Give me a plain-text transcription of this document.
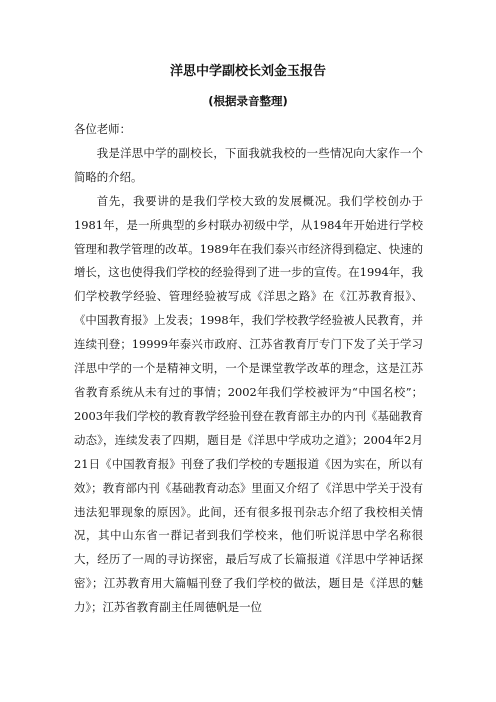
洋思中学副校长刘金玉报告
(根据录音整理)

各位老师：

我是洋思中学的副校长，下面我就我校的一些情况向大家作一个简略的介绍。

首先，我要讲的是我们学校大致的发展概况。我们学校创办于1981年，是一所典型的乡村联办初级中学，从1984年开始进行学校管理和教学管理的改革。1989年在我们泰兴市经济得到稳定、快速的增长，这也使得我们学校的经验得到了进一步的宣传。在1994年，我们学校教学经验、管理经验被写成《洋思之路》在《江苏教育报》、《中国教育报》上发表；1998年，我们学校教学经验被人民教育，并连续刊登；19999年泰兴市政府、江苏省教育厅专门下发了关于学习洋思中学的一个是精神文明，一个是课堂教学改革的理念，这是江苏省教育系统从未有过的事情；2002年我们学校被评为“中国名校”；2003年我们学校的教育教学经验刊登在教育部主办的内刊《基础教育动态》，连续发表了四期，题目是《洋思中学成功之道》；2004年2月21日《中国教育报》刊登了我们学校的专题报道《因为实在，所以有效》；教育部内刊《基础教育动态》里面又介绍了《洋思中学关于没有违法犯罪现象的原因》。此间，还有很多报刊杂志介绍了我校相关情况，其中山东省一群记者到我们学校来，他们听说洋思中学名称很大，经历了一周的寻访探密，最后写成了长篇报道《洋思中学神话探密》；江苏教育用大篇幅刊登了我们学校的做法，题目是《洋思的魅力》；江苏省教育副主任周德帆是一位
